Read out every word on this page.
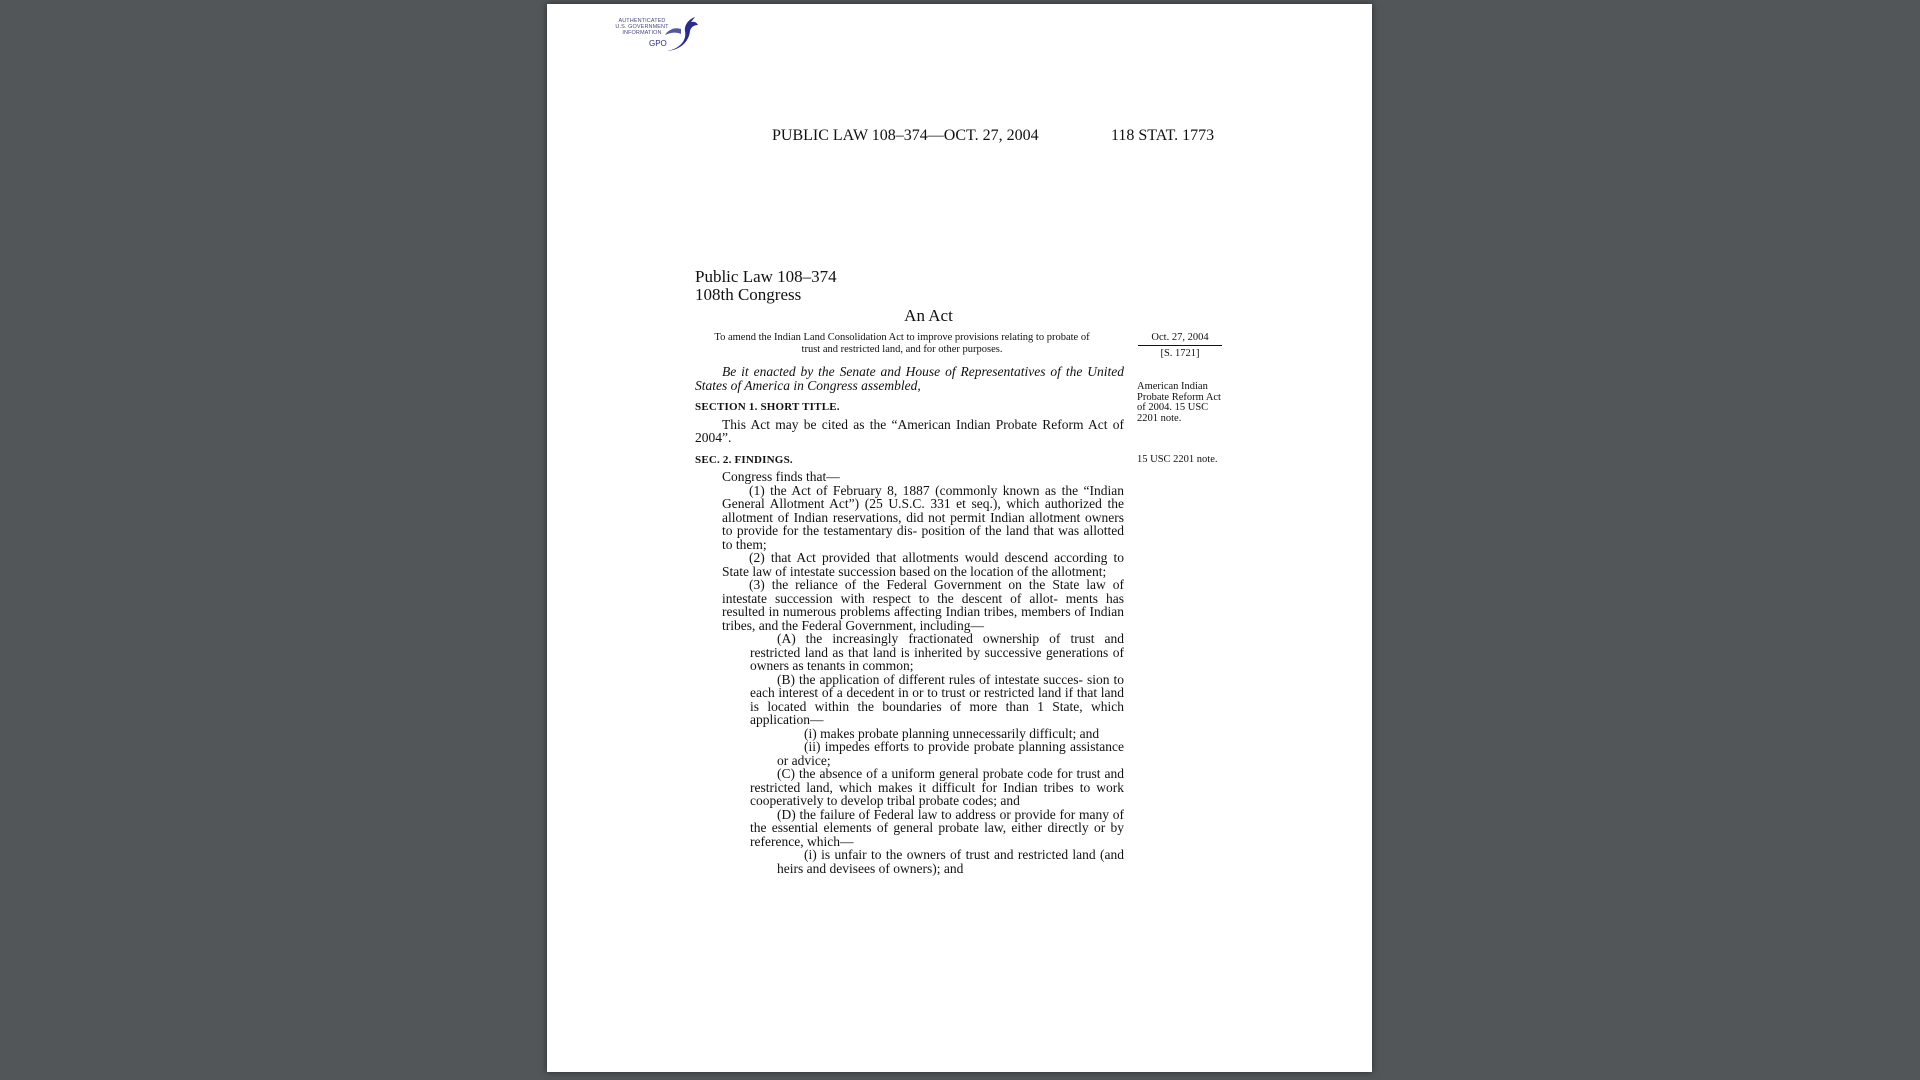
AUTHENTICATED
U.S. GOVERNMENT
INFORMATION
GPO
PUBLIC LAW 108–374—OCT. 27, 2004	118 STAT. 1773
Public Law 108–374
108th Congress
An Act
To amend the Indian Land Consolidation Act to improve provisions relating to probate of trust and restricted land, and for other purposes.
Oct. 27, 2004
[S. 1721]

Be it enacted by the Senate and House of Representatives of the United States of America in Congress assembled,

SECTION 1. SHORT TITLE.

This Act may be cited as the “American Indian Probate Reform Act of 2004”.

SEC. 2. FINDINGS.

Congress finds that—

(1) the Act of February 8, 1887 (commonly known as the “Indian General Allotment Act”) (25 U.S.C. 331 et seq.), which authorized the allotment of Indian reservations, did not permit Indian allotment owners to provide for the testamentary dis- position of the land that was allotted to them;

(2) that Act provided that allotments would descend according to State law of intestate succession based on the location of the allotment;

(3) the reliance of the Federal Government on the State law of intestate succession with respect to the descent of allot- ments has resulted in numerous problems affecting Indian tribes, members of Indian tribes, and the Federal Government, including—

(A) the increasingly fractionated ownership of trust and restricted land as that land is inherited by successive generations of owners as tenants in common;

(B) the application of different rules of intestate succes- sion to each interest of a decedent in or to trust or restricted land if that land is located within the boundaries of more than 1 State, which application—

(i) makes probate planning unnecessarily difficult; and

(ii) impedes efforts to provide probate planning assistance or advice;

(C) the absence of a uniform general probate code for trust and restricted land, which makes it difficult for Indian tribes to work cooperatively to develop tribal probate codes; and

(D) the failure of Federal law to address or provide for many of the essential elements of general probate law, either directly or by reference, which—

(i) is unfair to the owners of trust and restricted land (and heirs and devisees of owners); and

American Indian Probate Reform Act of 2004. 15 USC 2201 note.
15 USC 2201 note.
